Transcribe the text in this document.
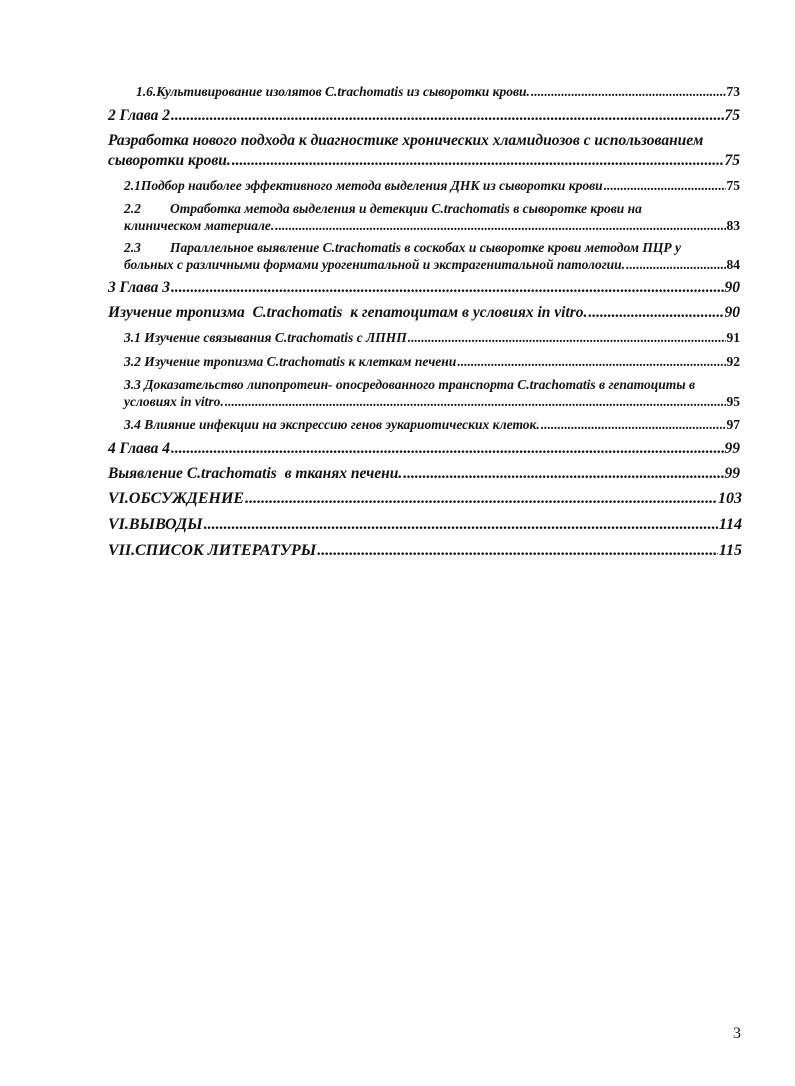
1.6. Культивирование изолятов C.trachomatis из сыворотки крови. .....	73
2 Глава 2 .....	75
Разработка нового подхода к диагностике хронических хламидиозов с использованием
сыворотки крови. .....	75
2.1 Подбор наиболее эффективного метода выделения ДНК из сыворотки крови .....	75
2.2 Отработка метода выделения и детекции C.trachomatis в сыворотке крови на
клиническом материале. .....	83
2.3 Параллельное выявление C.trachomatis в соскобах и сыворотке крови методом ПЦР у
больных с различными формами урогенитальной и экстрагенитальной патологии. .....	84
3 Глава 3 .....	90
Изучение тропизма  C.trachomatis  к гепатоцитам в условиях in vitro. .....	90
3.1 Изучение связывания C.trachomatis с ЛПНП .....	91
3.2 Изучение тропизма C.trachomatis к клеткам печени .....	92
3.3 Доказательство липопротеин- опосредованного транспорта C.trachomatis в гепатоциты в
условиях in vitro. .....	95
3.4 Влияние инфекции на экспрессию генов эукариотических клеток. .....	97
4 Глава 4 .....	99
Выявление C.trachomatis  в тканях печени. .....	99
VI. ОБСУЖДЕНИЕ .....	103
VI. ВЫВОДЫ .....	114
VII. СПИСОК ЛИТЕРАТУРЫ .....	115
3
